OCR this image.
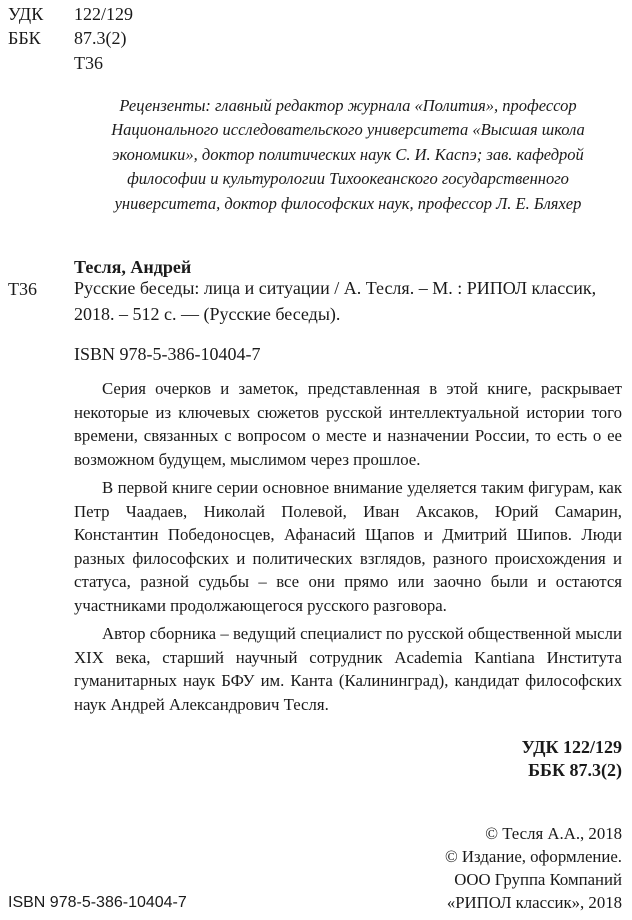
УДК 122/129
ББК 87.3(2)
Т36

Рецензенты: главный редактор журнала «Полития», профессор Национального исследовательского университета «Высшая школа экономики», доктор политических наук С. И. Каспэ; зав. кафедрой философии и культурологии Тихоокеанского государственного университета, доктор философских наук, профессор Л. Е. Бляхер

Тесля, Андрей
Т36 Русские беседы: лица и ситуации / А. Тесля. – М. : РИПОЛ классик, 2018. – 512 с. — (Русские беседы).

ISBN 978-5-386-10404-7

Серия очерков и заметок, представленная в этой книге, раскрывает некоторые из ключевых сюжетов русской интеллектуальной истории того времени, связанных с вопросом о месте и назначении России, то есть о ее возможном будущем, мыслимом через прошлое.

В первой книге серии основное внимание уделяется таким фигурам, как Петр Чаадаев, Николай Полевой, Иван Аксаков, Юрий Самарин, Константин Победоносцев, Афанасий Щапов и Дмитрий Шипов. Люди разных философских и политических взглядов, разного происхождения и статуса, разной судьбы – все они прямо или заочно были и остаются участниками продолжающегося русского разговора.

Автор сборника – ведущий специалист по русской общественной мысли XIX века, старший научный сотрудник Academia Kantiana Института гуманитарных наук БФУ им. Канта (Калининград), кандидат философских наук Андрей Александрович Тесля.

УДК 122/129
ББК 87.3(2)
© Тесля А.А., 2018
© Издание, оформление.
ООО Группа Компаний
«РИПОЛ классик», 2018
ISBN 978-5-386-10404-7
